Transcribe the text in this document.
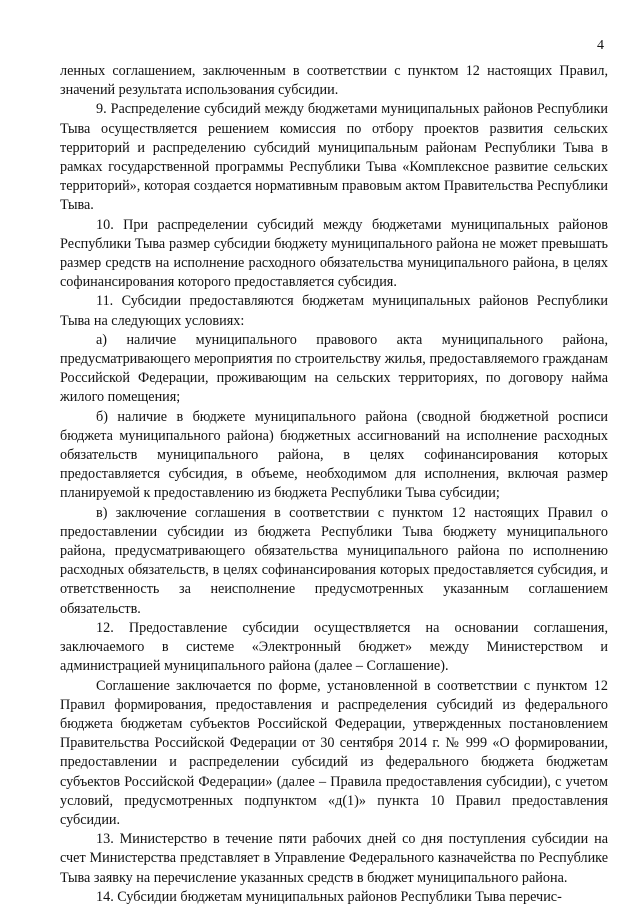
4

ленных соглашением, заключенным в соответствии с пунктом 12 настоящих Правил, значений результата использования субсидии.

9. Распределение субсидий между бюджетами муниципальных районов Республики Тыва осуществляется решением комиссия по отбору проектов развития сельских территорий и распределению субсидий муниципальным районам Республики Тыва в рамках государственной программы Республики Тыва «Комплексное развитие сельских территорий», которая создается нормативным правовым актом Правительства Республики Тыва.

10. При распределении субсидий между бюджетами муниципальных районов Республики Тыва размер субсидии бюджету муниципального района не может превышать размер средств на исполнение расходного обязательства муниципального района, в целях софинансирования которого предоставляется субсидия.

11. Субсидии предоставляются бюджетам муниципальных районов Республики Тыва на следующих условиях:

а) наличие муниципального правового акта муниципального района, предусматривающего мероприятия по строительству жилья, предоставляемого гражданам Российской Федерации, проживающим на сельских территориях, по договору найма жилого помещения;

б) наличие в бюджете муниципального района (сводной бюджетной росписи бюджета муниципального района) бюджетных ассигнований на исполнение расходных обязательств муниципального района, в целях софинансирования которых предоставляется субсидия, в объеме, необходимом для исполнения, включая размер планируемой к предоставлению из бюджета Республики Тыва субсидии;

в) заключение соглашения в соответствии с пунктом 12 настоящих Правил о предоставлении субсидии из бюджета Республики Тыва бюджету муниципального района, предусматривающего обязательства муниципального района по исполнению расходных обязательств, в целях софинансирования которых предоставляется субсидия, и ответственность за неисполнение предусмотренных указанным соглашением обязательств.

12. Предоставление субсидии осуществляется на основании соглашения, заключаемого в системе «Электронный бюджет» между Министерством и администрацией муниципального района (далее – Соглашение).

Соглашение заключается по форме, установленной в соответствии с пунктом 12 Правил формирования, предоставления и распределения субсидий из федерального бюджета бюджетам субъектов Российской Федерации, утвержденных постановлением Правительства Российской Федерации от 30 сентября 2014 г. № 999 «О формировании, предоставлении и распределении субсидий из федерального бюджета бюджетам субъектов Российской Федерации» (далее – Правила предоставления субсидии), с учетом условий, предусмотренных подпунктом «д(1)» пункта 10 Правил предоставления субсидии.

13. Министерство в течение пяти рабочих дней со дня поступления субсидии на счет Министерства представляет в Управление Федерального казначейства по Республике Тыва заявку на перечисление указанных средств в бюджет муниципального района.

14. Субсидии бюджетам муниципальных районов Республики Тыва перечис-
